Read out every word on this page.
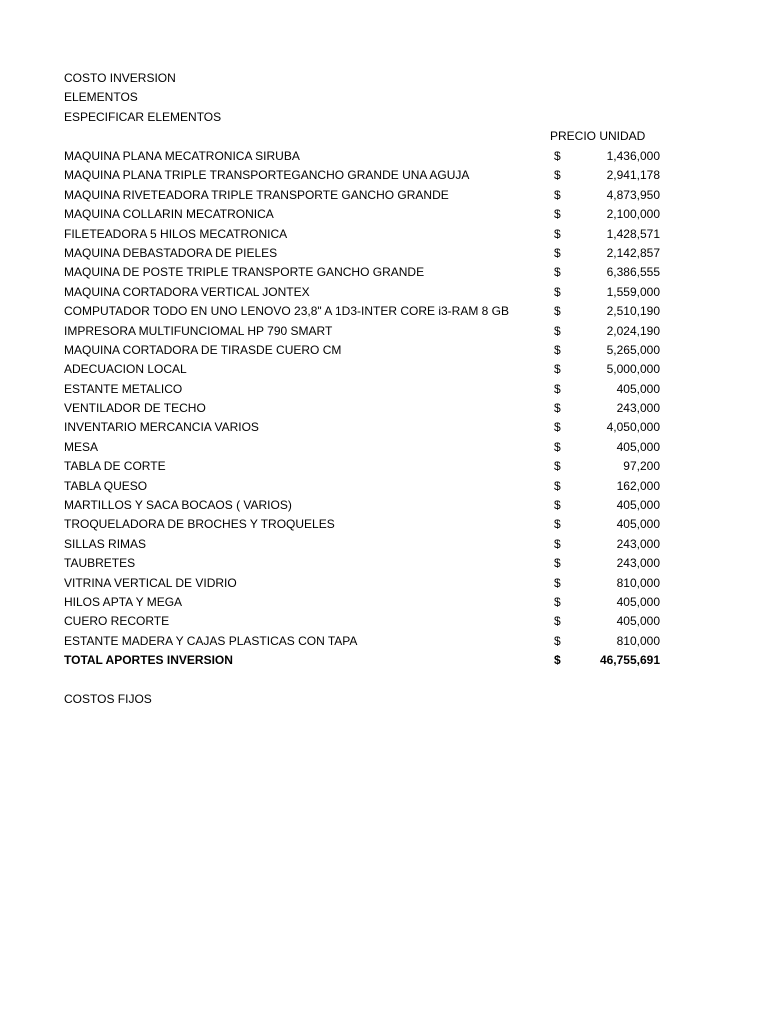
COSTO INVERSION
ELEMENTOS
ESPECIFICAR ELEMENTOS
PRECIO UNIDAD
MAQUINA PLANA MECATRONICA SIRUBA	$	1,436,000
MAQUINA PLANA TRIPLE TRANSPORTEGANCHO GRANDE UNA AGUJA	$	2,941,178
MAQUINA RIVETEADORA TRIPLE TRANSPORTE GANCHO GRANDE	$	4,873,950
MAQUINA COLLARIN MECATRONICA	$	2,100,000
FILETEADORA 5 HILOS MECATRONICA	$	1,428,571
MAQUINA DEBASTADORA DE PIELES	$	2,142,857
MAQUINA DE POSTE TRIPLE TRANSPORTE GANCHO GRANDE	$	6,386,555
MAQUINA CORTADORA VERTICAL JONTEX	$	1,559,000
COMPUTADOR TODO EN UNO LENOVO 23,8" A 1D3-INTER CORE i3-RAM 8 GB	$	2,510,190
IMPRESORA MULTIFUNCIOMAL HP 790 SMART	$	2,024,190
MAQUINA CORTADORA DE TIRASDE CUERO CM	$	5,265,000
ADECUACION LOCAL	$	5,000,000
ESTANTE METALICO	$	405,000
VENTILADOR DE TECHO	$	243,000
INVENTARIO MERCANCIA VARIOS	$	4,050,000
MESA	$	405,000
TABLA DE CORTE	$	97,200
TABLA QUESO	$	162,000
MARTILLOS Y SACA BOCAOS ( VARIOS)	$	405,000
TROQUELADORA DE BROCHES Y TROQUELES	$	405,000
SILLAS RIMAS	$	243,000
TAUBRETES	$	243,000
VITRINA VERTICAL DE VIDRIO	$	810,000
HILOS APTA Y MEGA	$	405,000
CUERO RECORTE	$	405,000
ESTANTE MADERA Y CAJAS PLASTICAS CON TAPA	$	810,000
TOTAL APORTES INVERSION	$	46,755,691
COSTOS FIJOS
